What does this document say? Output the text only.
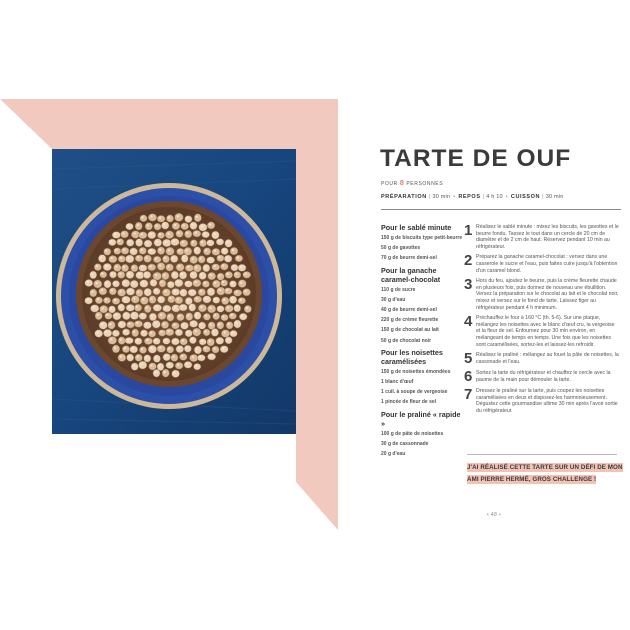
TARTE DE OUF
POUR 8 PERSONNES
PRÉPARATION | 30 min • REPOS | 4 h 10 • CUISSON | 30 min

Pour le sablé minute

150 g de biscuits type petit-beurre

50 g de gavottes

70 g de beurre demi-sel

Pour la ganache caramel-chocolat

110 g de sucre

30 g d'eau

40 g de beurre demi-sel

220 g de crème fleurette

150 g de chocolat au lait

50 g de chocolat noir

Pour les noisettes caramélisées

150 g de noisettes émondées

1 blanc d'œuf

1 cuil. à soupe de vergeoise

1 pincée de fleur de sel

Pour le praliné « rapide »

100 g de pâte de noisettes

30 g de cassonnade

20 g d'eau

1 Réalisez le sablé minute : mixez les biscuits, les gavottes et le beurre fondu. Tassez le tout dans un cercle de 20 cm de diamètre et de 2 cm de haut. Réservez pendant 10 min au réfrigérateur.
2 Préparez la ganache caramel-chocolat : versez dans une casserole le sucre et l'eau, puis faites cuire jusqu'à l'obtention d'un caramel blond.
3 Hors du feu, ajoutez le beurre, puis la crème fleurette chaude en plusieurs fois, puis donnez de nouveau une ébullition. Versez la préparation sur le chocolat au lait et le chocolat noir, mixez et versez sur le fond de tarte. Laissez figer au réfrigérateur pendant 4 h minimum.
4 Préchauffez le four à 160 °C (th. 5-6). Sur une plaque, mélangez les noisettes avec le blanc d'œuf cru, la vergeoise et la fleur de sel. Enfournez pour 30 min environ, en mélangeant de temps en temps. Une fois que les noisettes sont caramélisées, sortez-les et laissez-les refroidir.
5 Réalisez le praliné : mélangez au fouet la pâte de noisettes, la cassonade et l'eau.
6 Sortez la tarte du réfrigérateur et chauffez le cercle avec la paume de la main pour démouler la tarte.
7 Dressez le praliné sur la tarte, puis coupez les noisettes caramélisées en deux et disposez-les harmonieusement. Dégustez cette gourmandise ultime 30 min après l'avoir sortie du réfrigérateur.
J'AI RÉALISÉ CETTE TARTE SUR UN DÉFI DE MON AMI PIERRE HERMÉ, GROS CHALLENGE !
• 48 •
